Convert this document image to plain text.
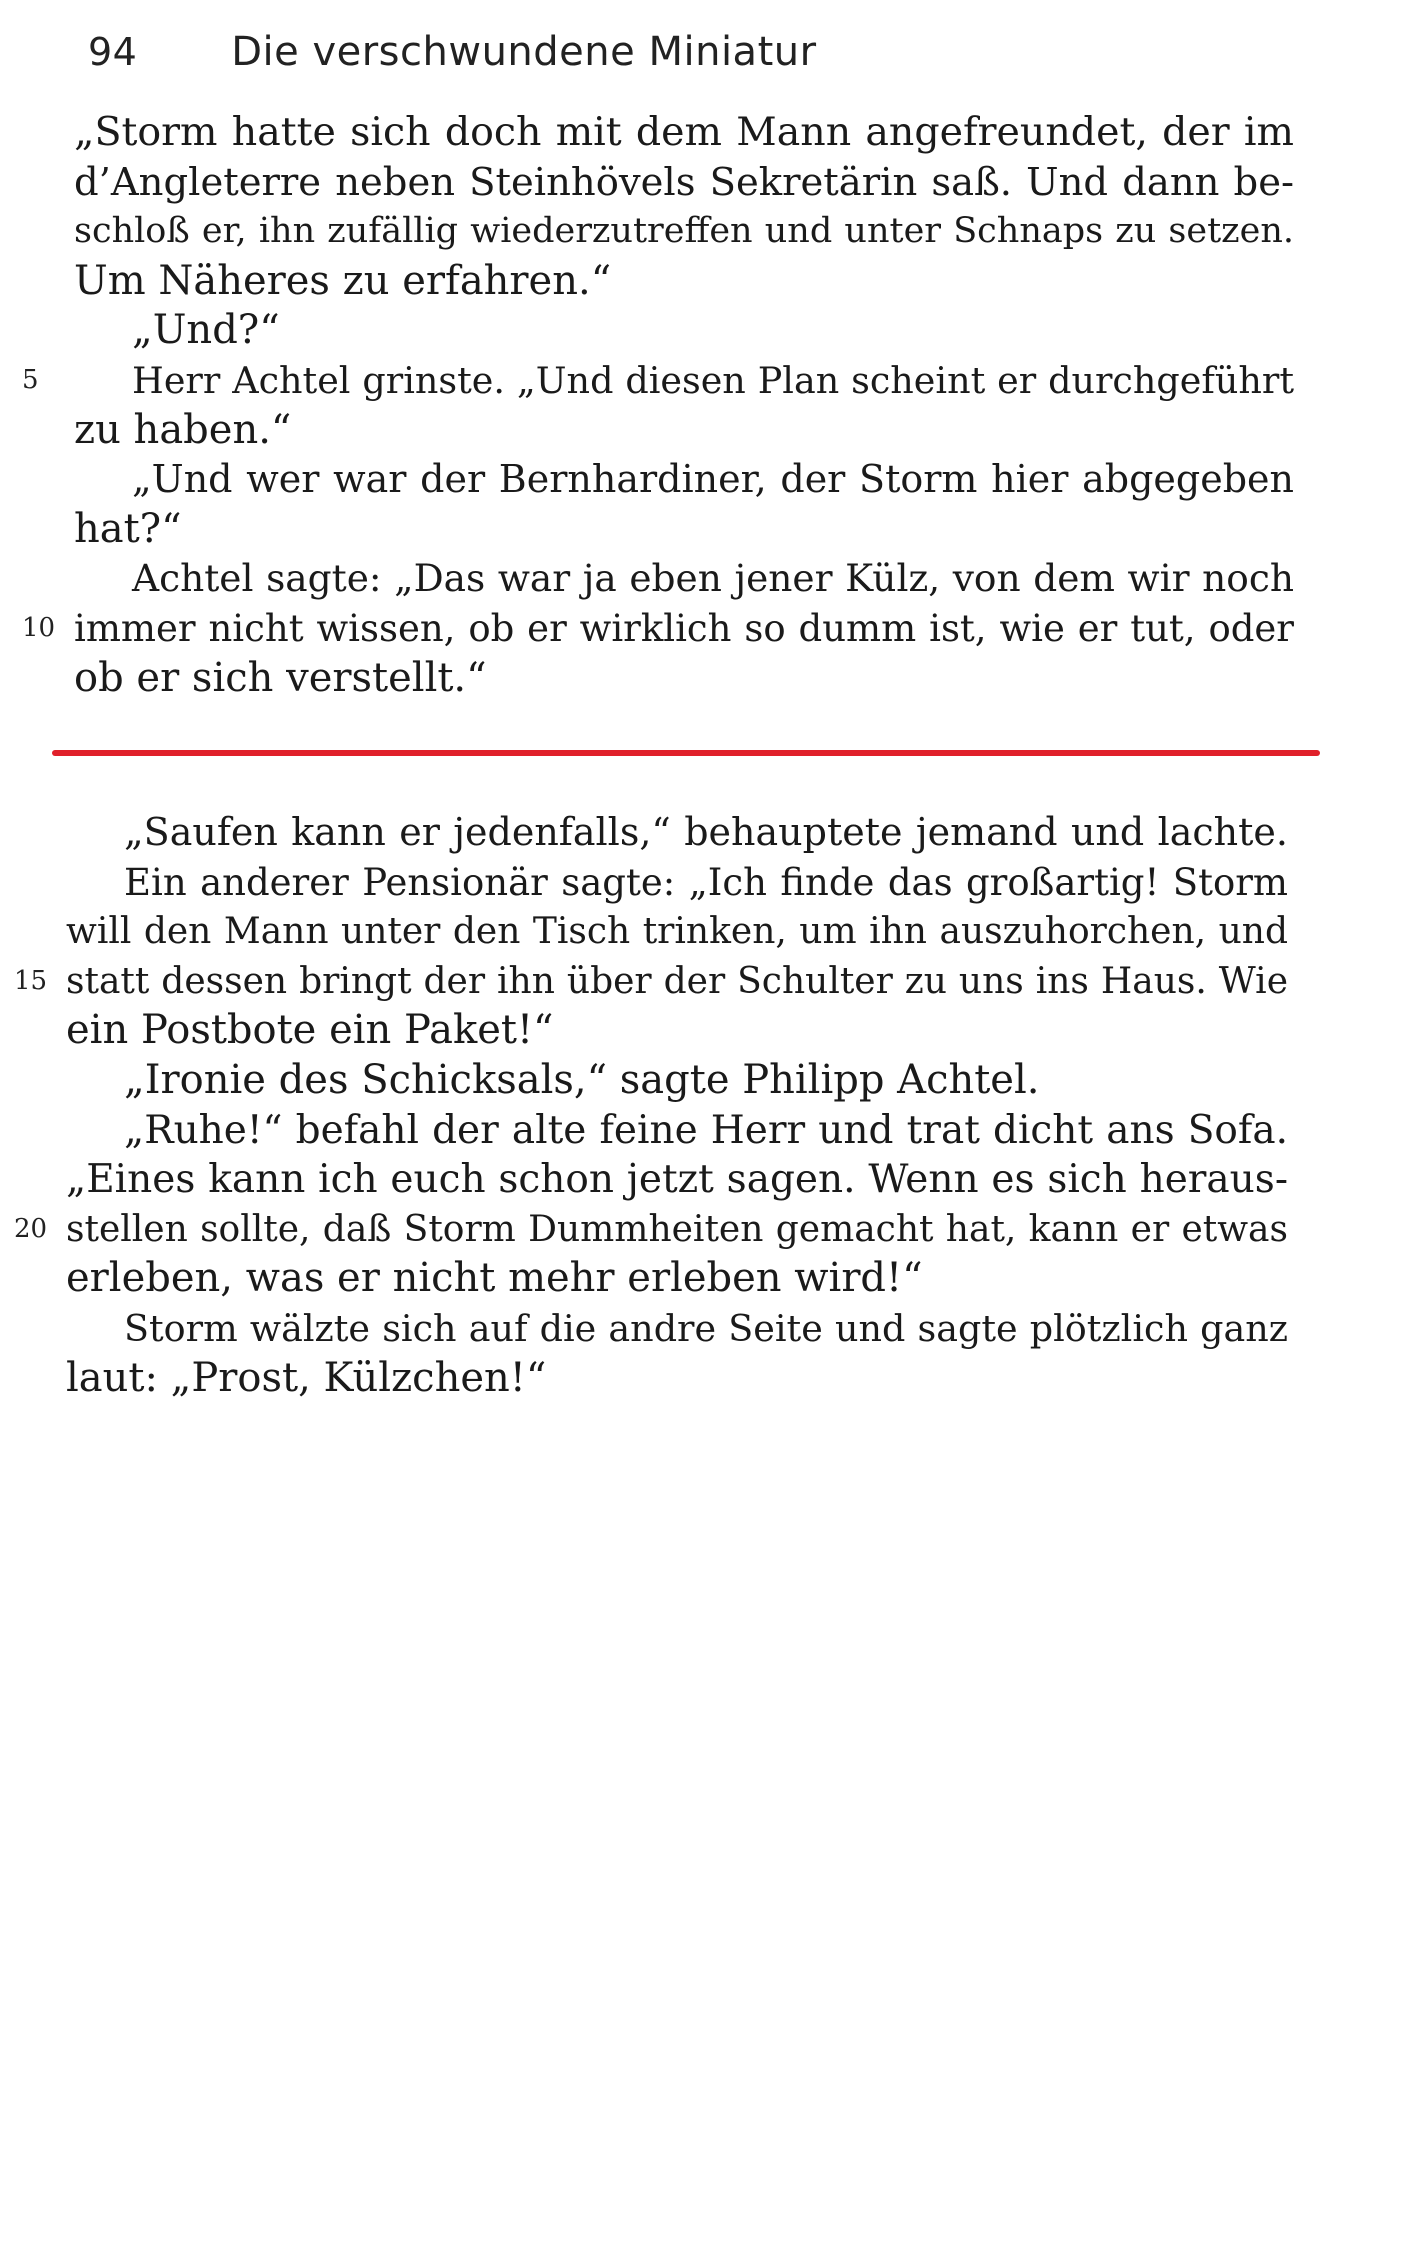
94 Die verschwundene Miniatur
„Storm hatte sich doch mit dem Mann angefreundet, der im
d’Angleterre neben Steinhövels Sekretärin saß. Und dann be-
schloß er, ihn zufällig wiederzutreffen und unter Schnaps zu setzen.
Um Näheres zu erfahren.“
„Und?“
5	Herr Achtel grinste. „Und diesen Plan scheint er durchgeführt
zu haben.“
„Und wer war der Bernhardiner, der Storm hier abgegeben
hat?“
Achtel sagte: „Das war ja eben jener Külz, von dem wir noch
10 immer nicht wissen, ob er wirklich so dumm ist, wie er tut, oder
ob er sich verstellt.“
„Saufen kann er jedenfalls,“ behauptete jemand und lachte.
Ein anderer Pensionär sagte: „Ich finde das großartig! Storm
will den Mann unter den Tisch trinken, um ihn auszuhorchen, und
15 statt dessen bringt der ihn über der Schulter zu uns ins Haus. Wie
ein Postbote ein Paket!“
„Ironie des Schicksals,“ sagte Philipp Achtel.
„Ruhe!“ befahl der alte feine Herr und trat dicht ans Sofa.
„Eines kann ich euch schon jetzt sagen. Wenn es sich heraus-
20 stellen sollte, daß Storm Dummheiten gemacht hat, kann er etwas
erleben, was er nicht mehr erleben wird!“
Storm wälzte sich auf die andre Seite und sagte plötzlich ganz
laut: „Prost, Külzchen!“
